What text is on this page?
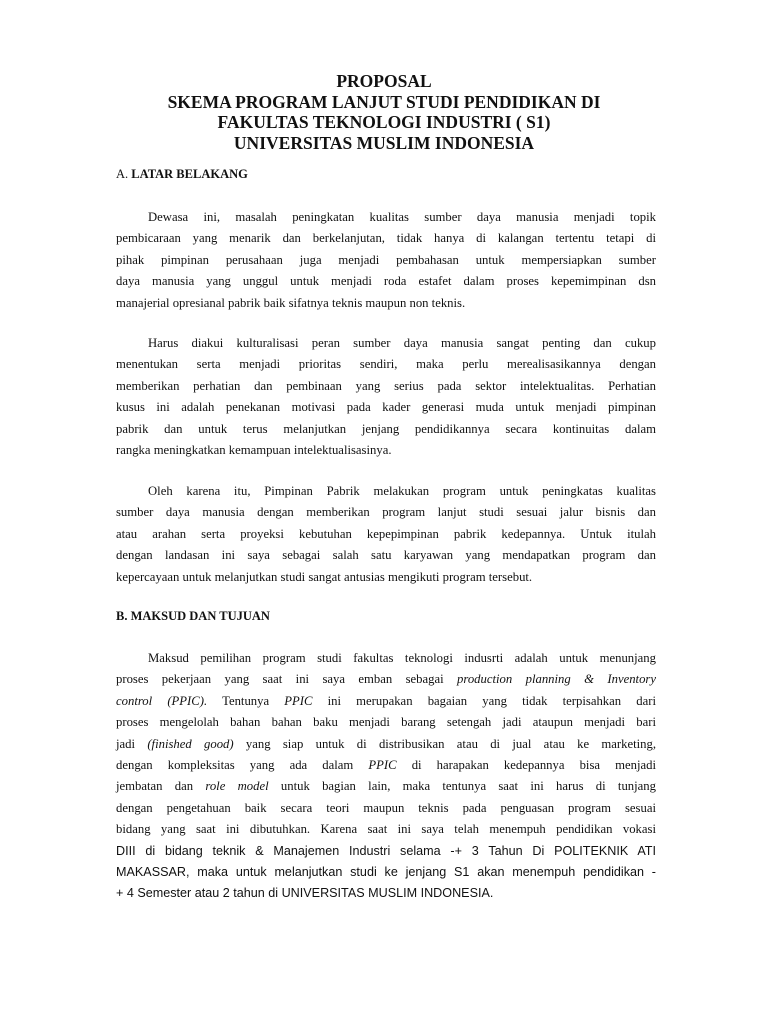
PROPOSAL
SKEMA PROGRAM LANJUT STUDI PENDIDIKAN DI
FAKULTAS TEKNOLOGI INDUSTRI ( S1)
UNIVERSITAS MUSLIM INDONESIA
A. LATAR BELAKANG
Dewasa ini, masalah peningkatan kualitas sumber daya manusia menjadi topik
pembicaraan yang menarik dan berkelanjutan, tidak hanya di kalangan tertentu tetapi di
pihak pimpinan perusahaan juga menjadi pembahasan untuk mempersiapkan sumber
daya manusia yang unggul untuk menjadi roda estafet dalam proses kepemimpinan dsn
manajerial opresianal pabrik baik sifatnya teknis maupun non teknis.
Harus diakui kulturalisasi peran sumber daya manusia sangat penting dan cukup
menentukan serta menjadi prioritas sendiri, maka perlu merealisasikannya dengan
memberikan perhatian dan pembinaan yang serius pada sektor intelektualitas. Perhatian
kusus ini adalah penekanan motivasi pada kader generasi muda untuk menjadi pimpinan
pabrik dan untuk terus melanjutkan jenjang pendidikannya secara kontinuitas dalam
rangka meningkatkan kemampuan intelektualisasinya.
Oleh karena itu, Pimpinan Pabrik melakukan program untuk peningkatas kualitas
sumber daya manusia dengan memberikan program lanjut studi sesuai jalur bisnis dan
atau arahan serta proyeksi kebutuhan kepepimpinan pabrik kedepannya. Untuk itulah
dengan landasan ini saya sebagai salah satu karyawan yang mendapatkan program dan
kepercayaan untuk melanjutkan studi sangat antusias mengikuti program tersebut.
B. MAKSUD DAN TUJUAN
Maksud pemilihan program studi fakultas teknologi indusrti adalah untuk menunjang
proses pekerjaan yang saat ini saya emban sebagai production planning & Inventory
control (PPIC). Tentunya PPIC ini merupakan bagaian yang tidak terpisahkan dari
proses mengelolah bahan bahan baku menjadi barang setengah jadi ataupun menjadi bari
jadi (finished good) yang siap untuk di distribusikan atau di jual atau ke marketing,
dengan kompleksitas yang ada dalam PPIC di harapakan kedepannya bisa menjadi
jembatan dan role model untuk bagian lain, maka tentunya saat ini harus di tunjang
dengan pengetahuan baik secara teori maupun teknis pada penguasan program sesuai
bidang yang saat ini dibutuhkan. Karena saat ini saya telah menempuh pendidikan vokasi
DIII di bidang teknik & Manajemen Industri selama -+ 3 Tahun Di POLITEKNIK ATI
MAKASSAR, maka untuk melanjutkan studi ke jenjang S1 akan menempuh pendidikan -
+ 4 Semester atau 2 tahun di UNIVERSITAS MUSLIM INDONESIA.
